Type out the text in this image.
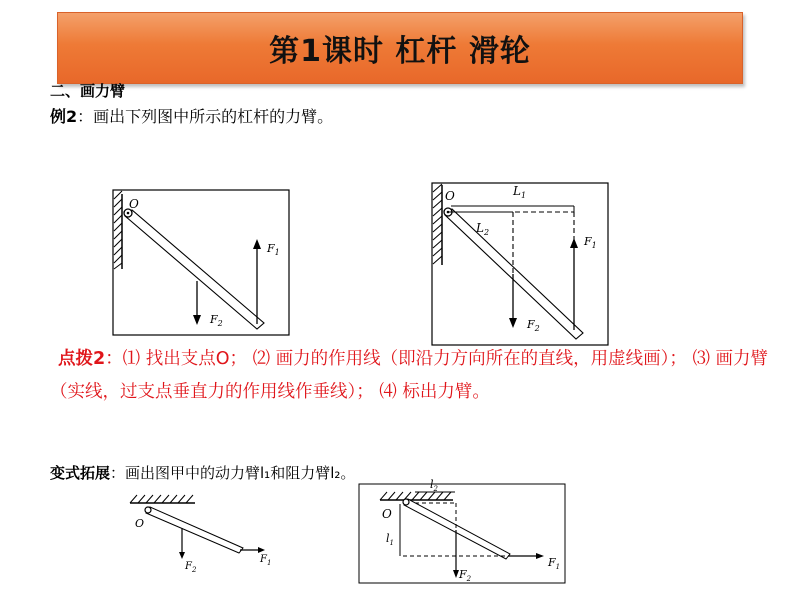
第1课时 杠杆 滑轮
二、画力臂
例2：画出下列图中所示的杠杆的力臂。
O
$F_1$
$F_2$
O	$L_1$
$L_2$
$F_2$
$F_1$
点拨2：⑴ 找出支点O； ⑵ 画力的作用线（即沿力方向所在的直线，用虚线画）； ⑶ 画力臂（实线，过支点垂直力的作用线作垂线）； ⑷ 标出力臂。
变式拓展：画出图甲中的动力臂l₁和阻力臂l₂。
O
$F_2$
$F_1$
$l_2$
O
$l_1$
$F_2$
$F_1$
